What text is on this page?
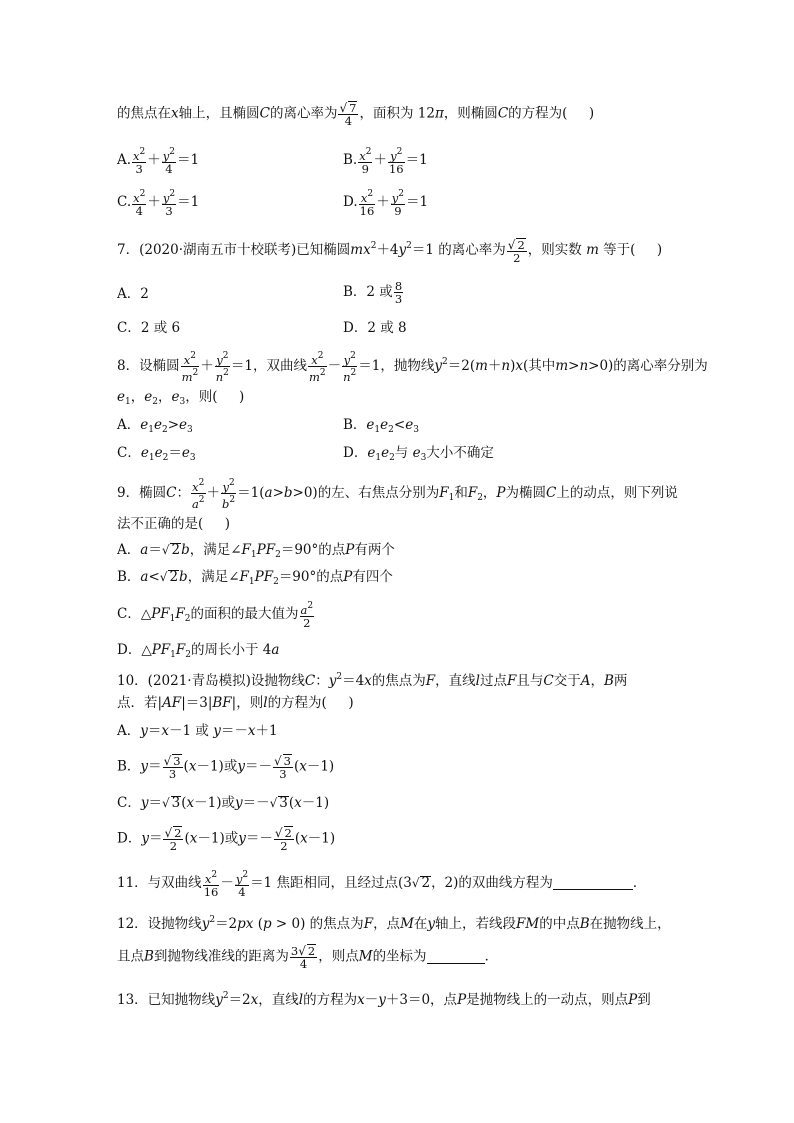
的焦点在x轴上，且椭圆C的离心率为 $\frac{√ 7}{4}$ ，面积为 12π，则椭圆C的方程为( )
A. $\frac{x^2}{3} + \frac{y^2}{4} =1$	B. $\frac{x^2}{9} + \frac{y^2}{16} =1$
C. $\frac{x^2}{4} + \frac{y^2}{3} =1$	D. $\frac{x^2}{16} + \frac{y^2}{9} =1$
7．(2020·湖南五市十校联考)已知椭圆$mx^2+4y^2=1$ 的离心率为 $\frac{√ 2}{2}$ ，则实数 m 等于( )
A．2	B．2 或 $\frac{8}{3}$
C．2 或 6	D．2 或 8
8．设椭圆 $\frac{x^2}{m^2} + \frac{y^2}{n^2} =1$，双曲线 $\frac{x^2}{m^2} - \frac{y^2}{n^2} =1$，抛物线$y^2=2(m+n)x$(其中m>n>0)的离心率分别为
$e_1$，$e_2$，$e_3$，则( )
A．$e_1e_2>e_3$	B．$e_1e_2<e_3$
C．$e_1e_2=e_3$	D．$e_1e_2$与 $e_3$大小不确定
9．椭圆C： $\frac{x^2}{a^2} + \frac{y^2}{b^2} =1(a>b>0)$的左、右焦点分别为$F_1$和$F_2$，P为椭圆C上的动点，则下列说
法不正确的是( )
A．a＝√ 2b，满足$\angle F_1PF_2=90^\circ$的点P有两个
B．a<√ 2b，满足$\angle F_1PF_2=90^\circ$的点P有四个
C．$\triangle PF_1F_2$的面积的最大值为 $\frac{a^2}{2}$
D．$\triangle PF_1F_2$的周长小于 4a
10．(2021·青岛模拟)设抛物线C：$y^2=4x$的焦点为F，直线l过点F且与C交于A，B两
点．若|AF|＝3|BF|，则l的方程为( )
A．y＝x－1 或 y＝－x＋1
B．$y= \frac{√ 3}{3} (x-1)$或$y=- \frac{√ 3}{3} (x-1)$
C．y＝√ 3(x－1)或y＝－√ 3(x－1)
D．$y= \frac{√ 2}{2} (x-1)$或$y=- \frac{√ 2}{2} (x-1)$
11．与双曲线 $\frac{x^2}{16} - \frac{y^2}{4} =1$ 焦距相同，且经过点(3√ 2，2)的双曲线方程为	．
12．设抛物线$y^2=2px$ (p > 0) 的焦点为F，点M在y轴上，若线段FM的中点B在抛物线上，
且点B到抛物线准线的距离为 $\frac{3√ 2}{4}$ ，则点M的坐标为	．
13．已知抛物线$y^2=2x$，直线l的方程为x－y＋3＝0，点P是抛物线上的一动点，则点P到
